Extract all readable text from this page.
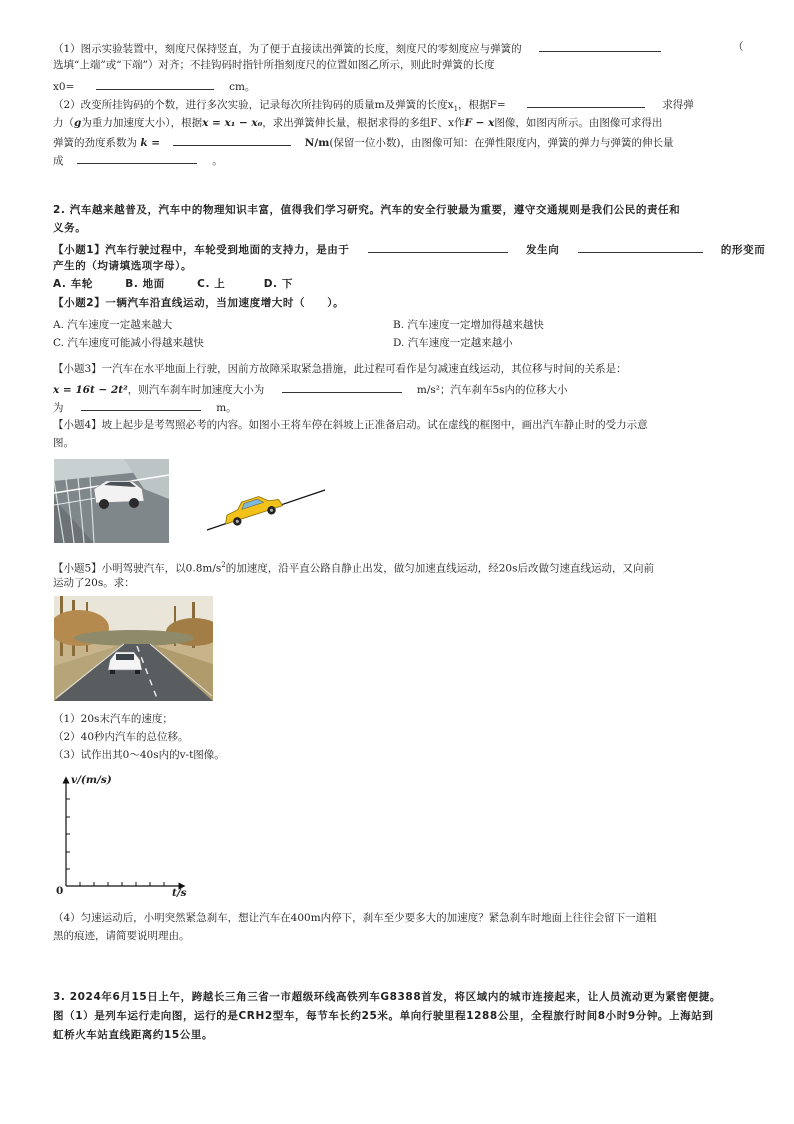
（1）图示实验装置中，刻度尺保持竖直，为了便于直接读出弹簧的长度，刻度尺的零刻度应与弹簧的	（
选填“上端”或“下端”）对齐；不挂钩码时指针所指刻度尺的位置如图乙所示，则此时弹簧的长度
x0=	cm。
（2）改变所挂钩码的个数，进行多次实验，记录每次所挂钩码的质量m及弹簧的长度$x_1$，根据F=	求得弹
力（g为重力加速度大小），根据x = x₁ − x₀，求出弹簧伸长量，根据求得的多组F、x作F − x图像，如图丙所示。由图像可求得出
弹簧的劲度系数为 k =	N/m(保留一位小数)，由图像可知：在弹性限度内，弹簧的弹力与弹簧的伸长量
成	。
2. 汽车越来越普及，汽车中的物理知识丰富，值得我们学习研究。汽车的安全行驶最为重要，遵守交通规则是我们公民的责任和
义务。
【小题1】汽车行驶过程中，车轮受到地面的支持力，是由于	发生向	的形变而
产生的（均请填选项字母）。
A. 车轮	B. 地面	C. 上	D. 下
【小题2】一辆汽车沿直线运动，当加速度增大时（　　）。
A. 汽车速度一定越来越大	B. 汽车速度一定增加得越来越快
C. 汽车速度可能减小得越来越快	D. 汽车速度一定越来越小
【小题3】一汽车在水平地面上行驶，因前方故障采取紧急措施，此过程可看作是匀减速直线运动，其位移与时间的关系是：
x = 16t − 2t²，则汽车刹车时加速度大小为	m/s²；汽车刹车5s内的位移大小
为	m。
【小题4】坡上起步是考驾照必考的内容。如图小王将车停在斜坡上正准备启动。试在虚线的框图中，画出汽车静止时的受力示意
图。
【小题5】小明驾驶汽车，以$0.8m/s^2$的加速度，沿平直公路自静止出发，做匀加速直线运动，经20s后改做匀速直线运动，又向前
运动了20s。求：
（1）20s末汽车的速度；
（2）40秒内汽车的总位移。
（3）试作出其0～40s内的v-t图像。
v/(m/s)
0	t/s
（4）匀速运动后，小明突然紧急刹车，想让汽车在400m内停下，刹车至少要多大的加速度？紧急刹车时地面上往往会留下一道粗
黑的痕迹，请简要说明理由。
3. 2024年6月15日上午，跨越长三角三省一市超级环线高铁列车G8388首发，将区域内的城市连接起来，让人员流动更为紧密便捷。
图（1）是列车运行走向图，运行的是CRH2型车，每节车长约25米。单向行驶里程1288公里，全程旅行时间8小时9分钟。上海站到
虹桥火车站直线距离约15公里。
